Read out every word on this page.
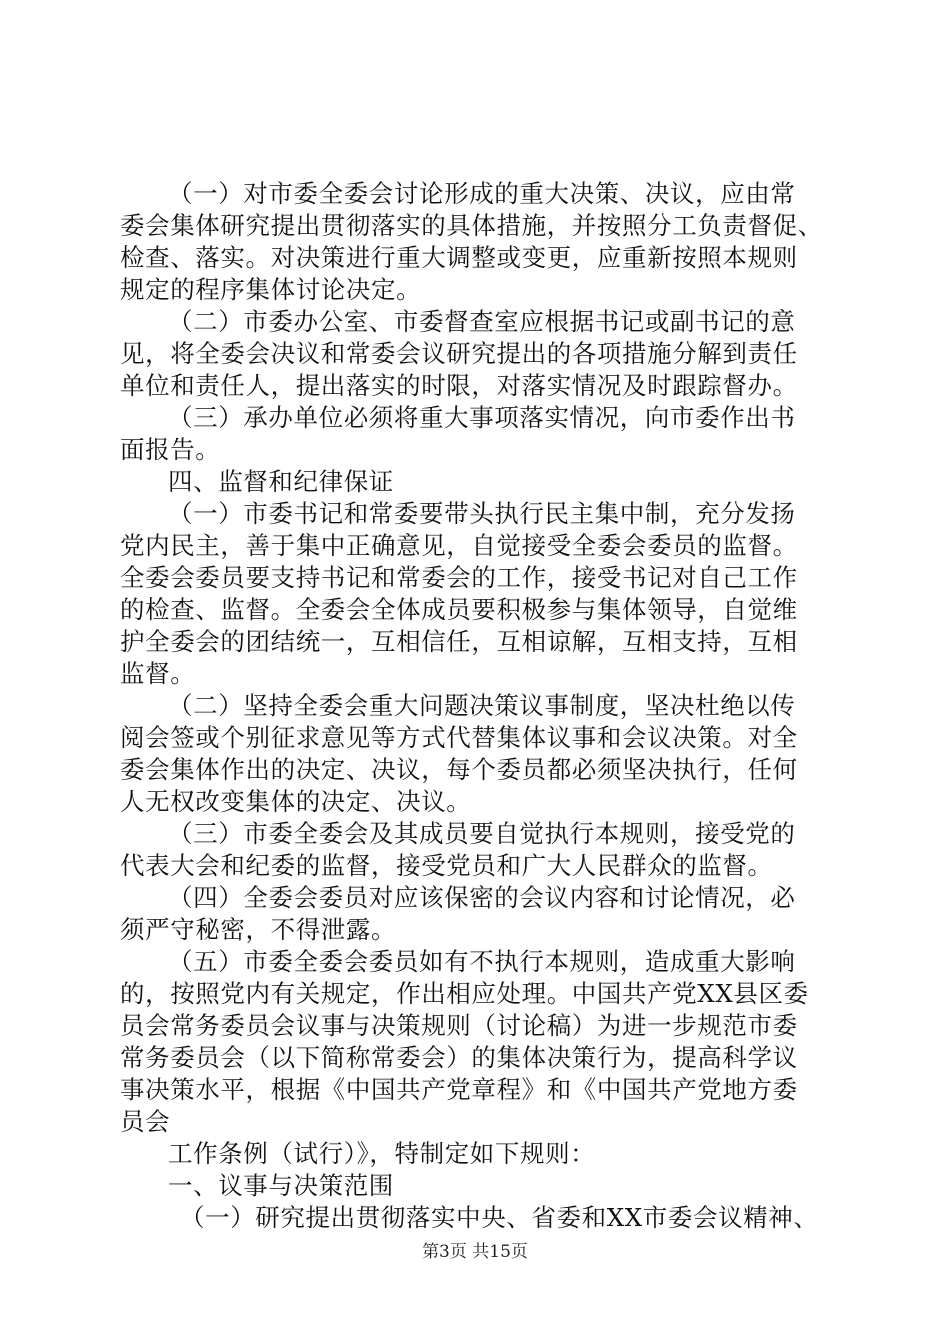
（一）对市委全委会讨论形成的重大决策、决议，应由常
委会集体研究提出贯彻落实的具体措施，并按照分工负责督促、
检查、落实。对决策进行重大调整或变更，应重新按照本规则
规定的程序集体讨论决定。
（二）市委办公室、市委督查室应根据书记或副书记的意
见，将全委会决议和常委会议研究提出的各项措施分解到责任
单位和责任人，提出落实的时限，对落实情况及时跟踪督办。
（三）承办单位必须将重大事项落实情况，向市委作出书
面报告。
四、监督和纪律保证
（一）市委书记和常委要带头执行民主集中制，充分发扬
党内民主，善于集中正确意见，自觉接受全委会委员的监督。
全委会委员要支持书记和常委会的工作，接受书记对自己工作
的检查、监督。全委会全体成员要积极参与集体领导，自觉维
护全委会的团结统一，互相信任，互相谅解，互相支持，互相
监督。
（二）坚持全委会重大问题决策议事制度，坚决杜绝以传
阅会签或个别征求意见等方式代替集体议事和会议决策。对全
委会集体作出的决定、决议，每个委员都必须坚决执行，任何
人无权改变集体的决定、决议。
（三）市委全委会及其成员要自觉执行本规则，接受党的
代表大会和纪委的监督，接受党员和广大人民群众的监督。
（四）全委会委员对应该保密的会议内容和讨论情况，必
须严守秘密，不得泄露。
（五）市委全委会委员如有不执行本规则，造成重大影响
的，按照党内有关规定，作出相应处理。中国共产党XX县区委
员会常务委员会议事与决策规则（讨论稿）为进一步规范市委
常务委员会（以下简称常委会）的集体决策行为，提高科学议
事决策水平，根据《中国共产党章程》和《中国共产党地方委
员会
工作条例（试行）》，特制定如下规则：
一、议事与决策范围
（一）研究提出贯彻落实中央、省委和XX市委会议精神、
第3页 共15页
